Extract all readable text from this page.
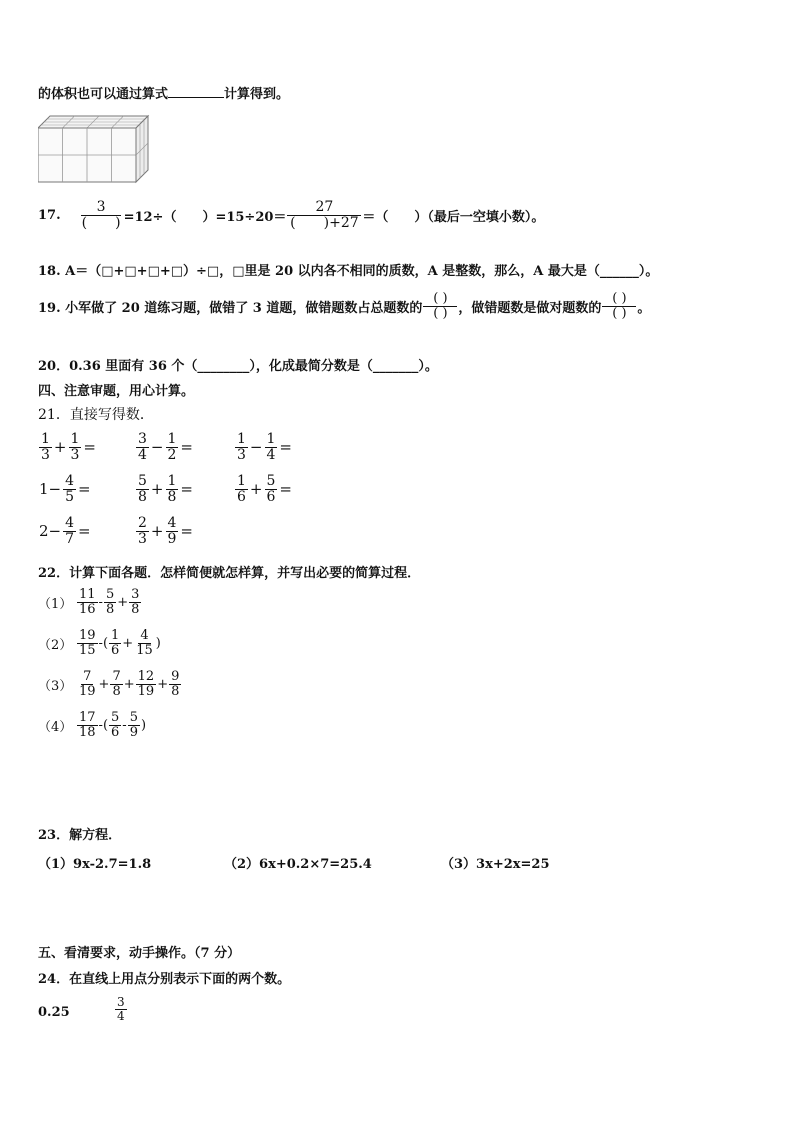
的体积也可以通过算式	计算得到。
17. $\frac{3}{( )} =12\div$（　　）$=15\div 20= \frac{27}{( )+27}$ ＝（　　）（最后一空填小数）。
18. A＝（□+□+□+□）÷□，□里是 20 以内各不相同的质数，A 是整数，那么，A 最大是（______）。
19. 小军做了 20 道练习题，做错了 3 道题，做错题数占总题数的 $\frac{( )}{( )}$ ，做错题数是做对题数的 $\frac{( )}{( )}$ 。
20．0.36 里面有 36 个（________），化成最简分数是（_______）。
四、注意审题，用心计算。
21．直接写得数．
$\frac{1}{3} + \frac{1}{3}$ =	$\frac{3}{4} - \frac{1}{2}$ =	$\frac{1}{3} - \frac{1}{4}$ =
$1- \frac{4}{5}$ =	$\frac{5}{8} + \frac{1}{8}$ =	$\frac{1}{6} + \frac{5}{6}$ =
$2- \frac{4}{7}$ =	$\frac{2}{3} + \frac{4}{9}$ =
22．计算下面各题．怎样简便就怎样算，并写出必要的简算过程．
$(1) \frac{11}{16} - \frac{5}{8} + \frac{3}{8}$
$(2) \frac{19}{15}$ -( $\frac{1}{6} + \frac{4}{15}$ )
$(3) \frac{7}{19} + \frac{7}{8} + \frac{12}{19} + \frac{9}{8}$
$(4) \frac{17}{18}$ -( $\frac{5}{6} - \frac{5}{9}$ )
23．解方程．
（1）9x-2.7=1.8	（2）6x+0.2×7=25.4	（3）3x+2x=25
五、看清要求，动手操作。（7 分）
24．在直线上用点分别表示下面的两个数。
0.25	$\frac{3}{4}$
